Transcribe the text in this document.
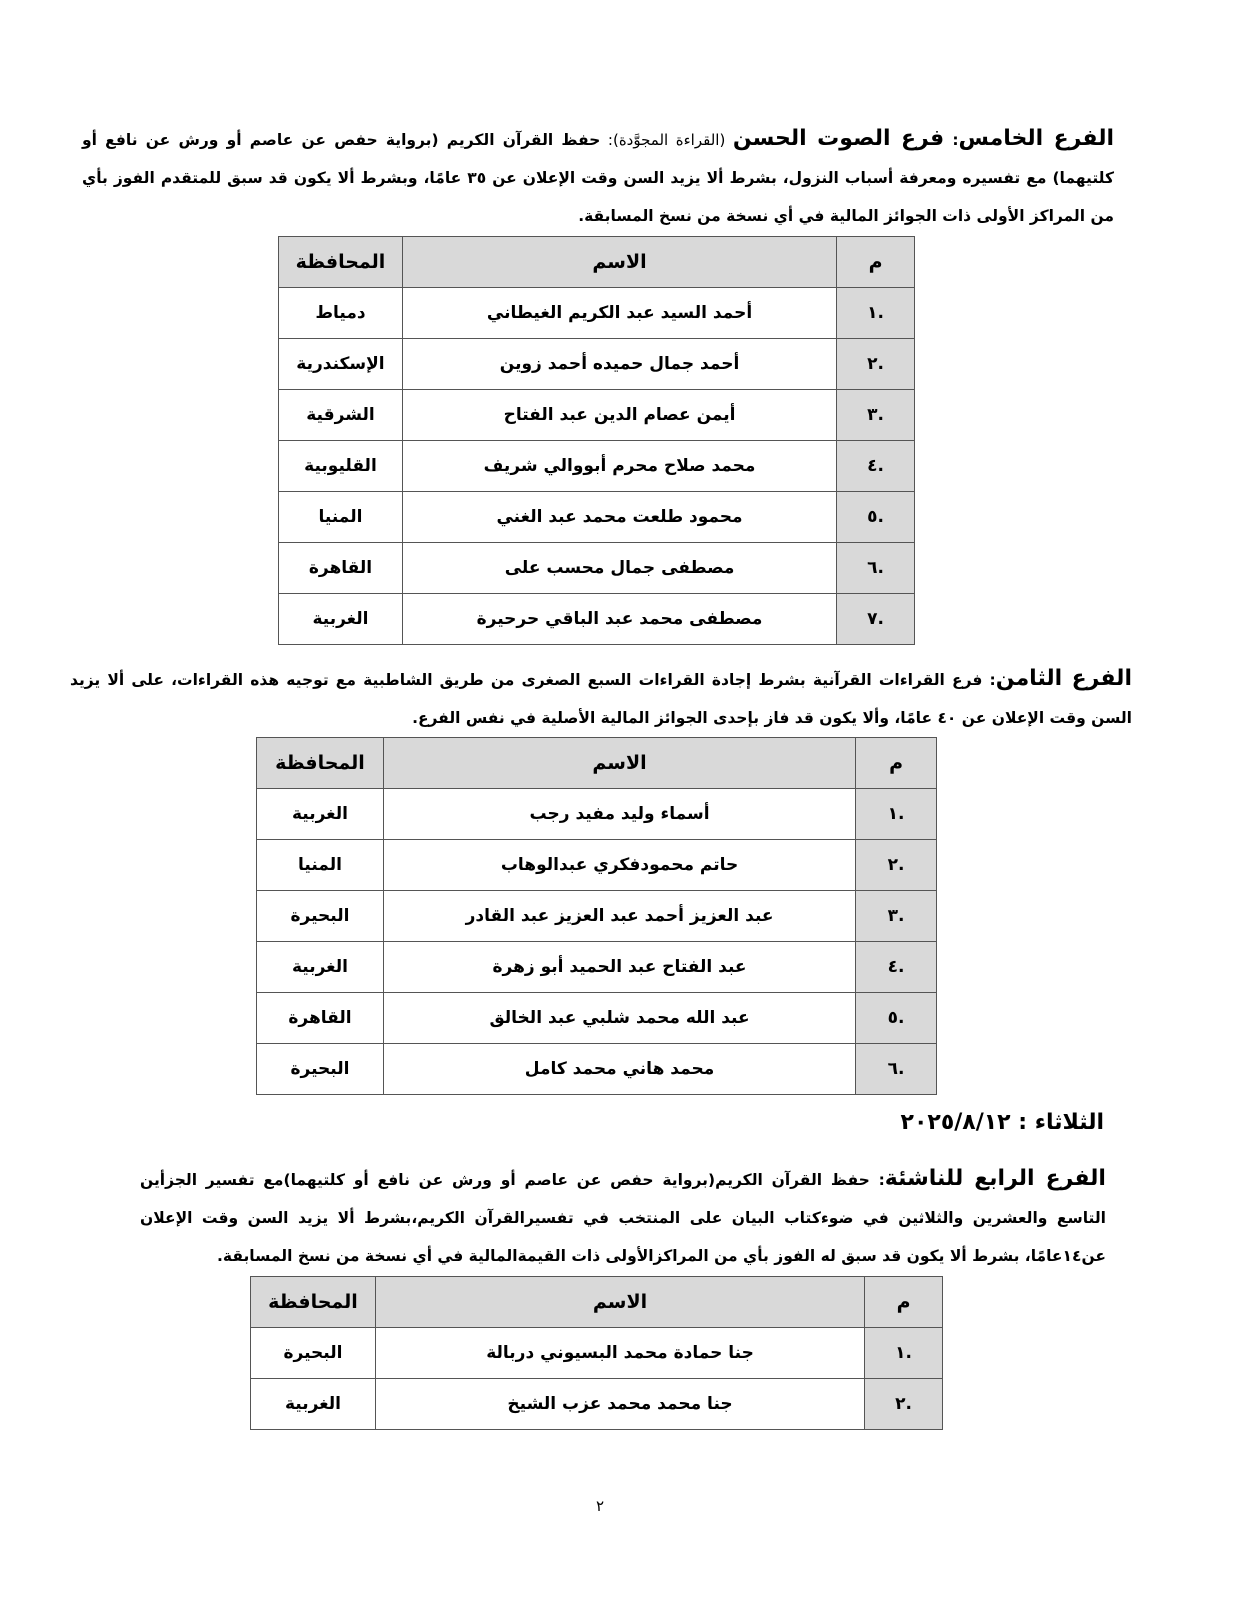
الفرع الخامس: فرع الصوت الحسن (القراءة المجوَّدة): حفظ القرآن الكريم (برواية حفص عن عاصم أو ورش عن نافع أو كلتيهما) مع تفسيره ومعرفة أسباب النزول، بشرط ألا يزيد السن وقت الإعلان عن ٣٥ عامًا، وبشرط ألا يكون قد سبق للمتقدم الفوز بأي من المراكز الأولى ذات الجوائز المالية في أي نسخة من نسخ المسابقة.
م	الاسم	المحافظة
.١	أحمد السيد عبد الكريم الغيطاني	دمياط
.٢	أحمد جمال حميده أحمد زوين	الإسكندرية
.٣	أيمن عصام الدين عبد الفتاح	الشرقية
.٤	محمد صلاح محرم أبووالي شريف	القليوبية
.٥	محمود طلعت محمد عبد الغني	المنيا
.٦	مصطفى جمال محسب على	القاهرة
.٧	مصطفى محمد عبد الباقي حرحيرة	الغربية
الفرع الثامن: فرع القراءات القرآنية بشرط إجادة القراءات السبع الصغرى من طريق الشاطبية مع توجيه هذه القراءات، على ألا يزيد السن وقت الإعلان عن ٤٠ عامًا، وألا يكون قد فاز بإحدى الجوائز المالية الأصلية في نفس الفرع.
م	الاسم	المحافظة
.١	أسماء وليد مفيد رجب	الغربية
.٢	حاتم محمودفكري عبدالوهاب	المنيا
.٣	عبد العزيز أحمد عبد العزيز عبد القادر	البحيرة
.٤	عبد الفتاح عبد الحميد أبو زهرة	الغربية
.٥	عبد الله محمد شلبي عبد الخالق	القاهرة
.٦	محمد هاني محمد كامل	البحيرة
الثلاثاء : ٢٠٢٥/٨/١٢
الفرع الرابع للناشئة: حفظ القرآن الكريم(برواية حفص عن عاصم أو ورش عن نافع أو كلتيهما)مع تفسير الجزأين التاسع والعشرين والثلاثين في ضوءكتاب البيان على المنتخب في تفسيرالقرآن الكريم،بشرط ألا يزيد السن وقت الإعلان عن١٤عامًا، بشرط ألا يكون قد سبق له الفوز بأي من المراكزالأولى ذات القيمةالمالية في أي نسخة من نسخ المسابقة.
م	الاسم	المحافظة
.١	جنا حمادة محمد البسيوني دربالة	البحيرة
.٢	جنا محمد محمد عزب الشيخ	الغربية
٢
